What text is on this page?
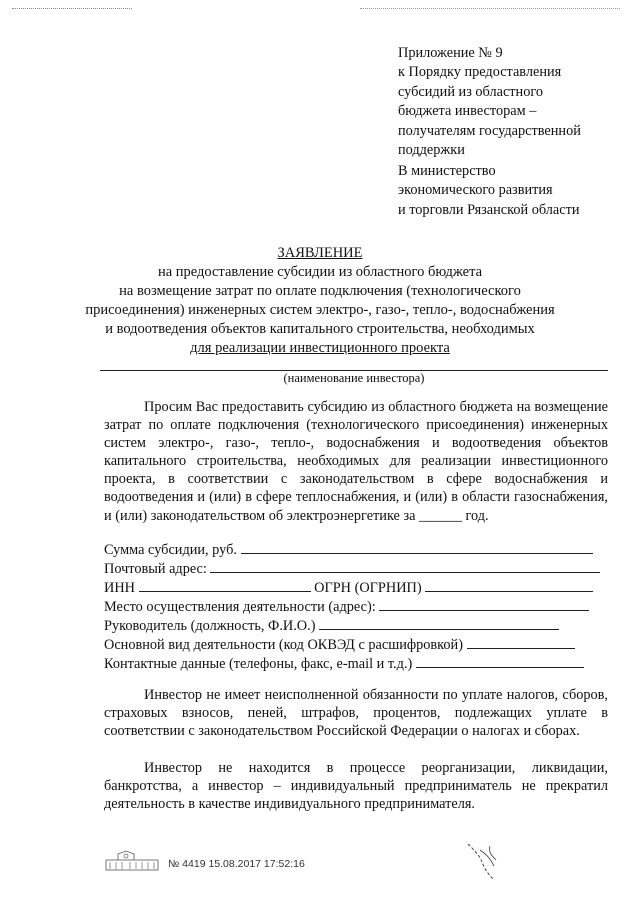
Приложение № 9
к Порядку предоставления
субсидий из областного
бюджета инвесторам –
получателям государственной
поддержки
В министерство
экономического развития
и торговли Рязанской области
ЗАЯВЛЕНИЕ
на предоставление субсидии из областного бюджета
на возмещение затрат по оплате подключения (технологического
присоединения) инженерных систем электро-, газо-, тепло-, водоснабжения
и водоотведения объектов капитального строительства, необходимых
для реализации инвестиционного проекта
(наименование инвестора)

Просим Вас предоставить субсидию из областного бюджета на возмещение затрат по оплате подключения (технологического присоединения) инженерных систем электро-, газо-, тепло-, водоснабжения и водоотведения объектов капитального строительства, необходимых для реализации инвестиционного проекта, в соответствии с законодательством в сфере водоснабжения и водоотведения и (или) в сфере теплоснабжения, и (или) в области газоснабжения, и (или) законодательством об электроэнергетике за ______ год.

Сумма субсидии, руб.
Почтовый адрес:
ИНН	ОГРН (ОГРНИП)
Место осуществления деятельности (адрес):
Руководитель (должность, Ф.И.О.)
Основной вид деятельности (код ОКВЭД с расшифровкой)
Контактные данные (телефоны, факс, e-mail и т.д.)

Инвестор не имеет неисполненной обязанности по уплате налогов, сборов, страховых взносов, пеней, штрафов, процентов, подлежащих уплате в соответствии с законодательством Российской Федерации о налогах и сборах.

Инвестор не находится в процессе реорганизации, ликвидации, банкротства, а инвестор – индивидуальный предприниматель не прекратил деятельность в качестве индивидуального предпринимателя.

№ 4419 15.08.2017 17:52:16
